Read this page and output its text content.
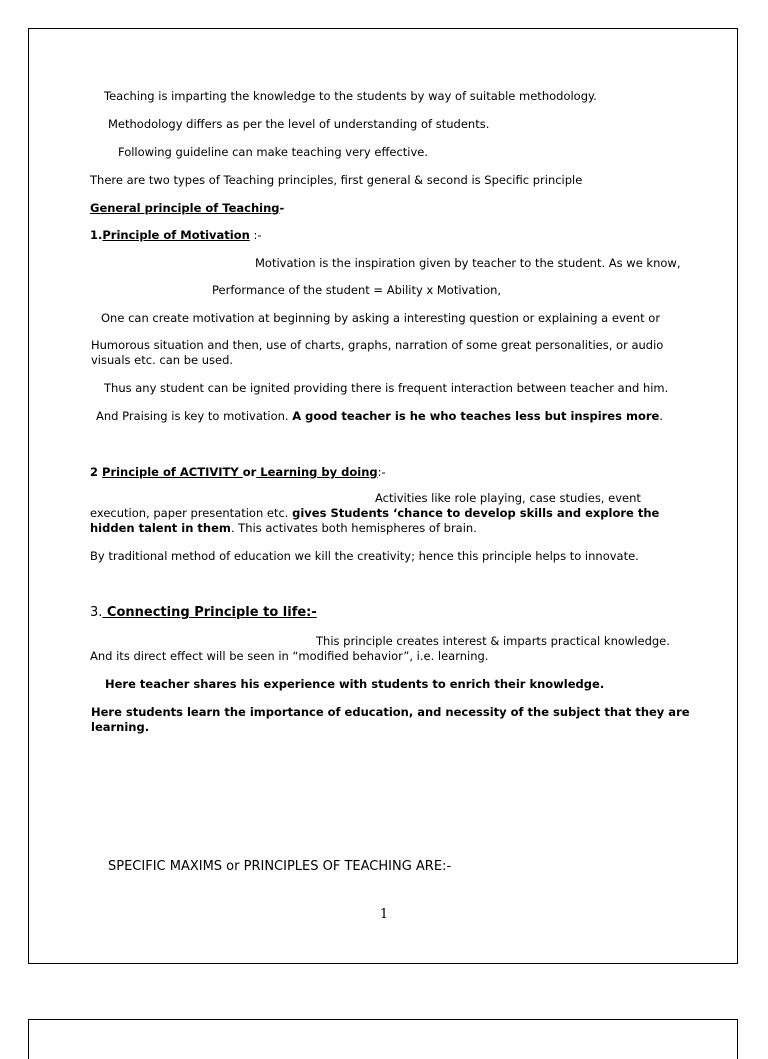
Teaching is imparting the knowledge to the students by way of suitable methodology.
Methodology differs as per the level of understanding of students.
Following guideline can make teaching very effective.
There are two types of Teaching principles, first general & second is Specific principle
General principle of Teaching-
1.Principle of Motivation :-
Motivation is the inspiration given by teacher to the student. As we know,
Performance of the student = Ability x Motivation,
One can create motivation at beginning by asking a interesting question or explaining a event or
Humorous situation and then, use of charts, graphs, narration of some great personalities, or audio visuals etc. can be used.
Thus any student can be ignited providing there is frequent interaction between teacher and him.
And Praising is key to motivation. A good teacher is he who teaches less but inspires more.
2 Principle of ACTIVITY or Learning by doing:-
Activities like role playing, case studies, event
execution, paper presentation etc. gives Students ‘chance to develop skills and explore the
hidden talent in them. This activates both hemispheres of brain.
By traditional method of education we kill the creativity; hence this principle helps to innovate.
3. Connecting Principle to life:-
This principle creates interest & imparts practical knowledge.
And its direct effect will be seen in “modified behavior”, i.e. learning.
Here teacher shares his experience with students to enrich their knowledge.
Here students learn the importance of education, and necessity of the subject that they are learning.
SPECIFIC MAXIMS or PRINCIPLES OF TEACHING ARE:-
1
